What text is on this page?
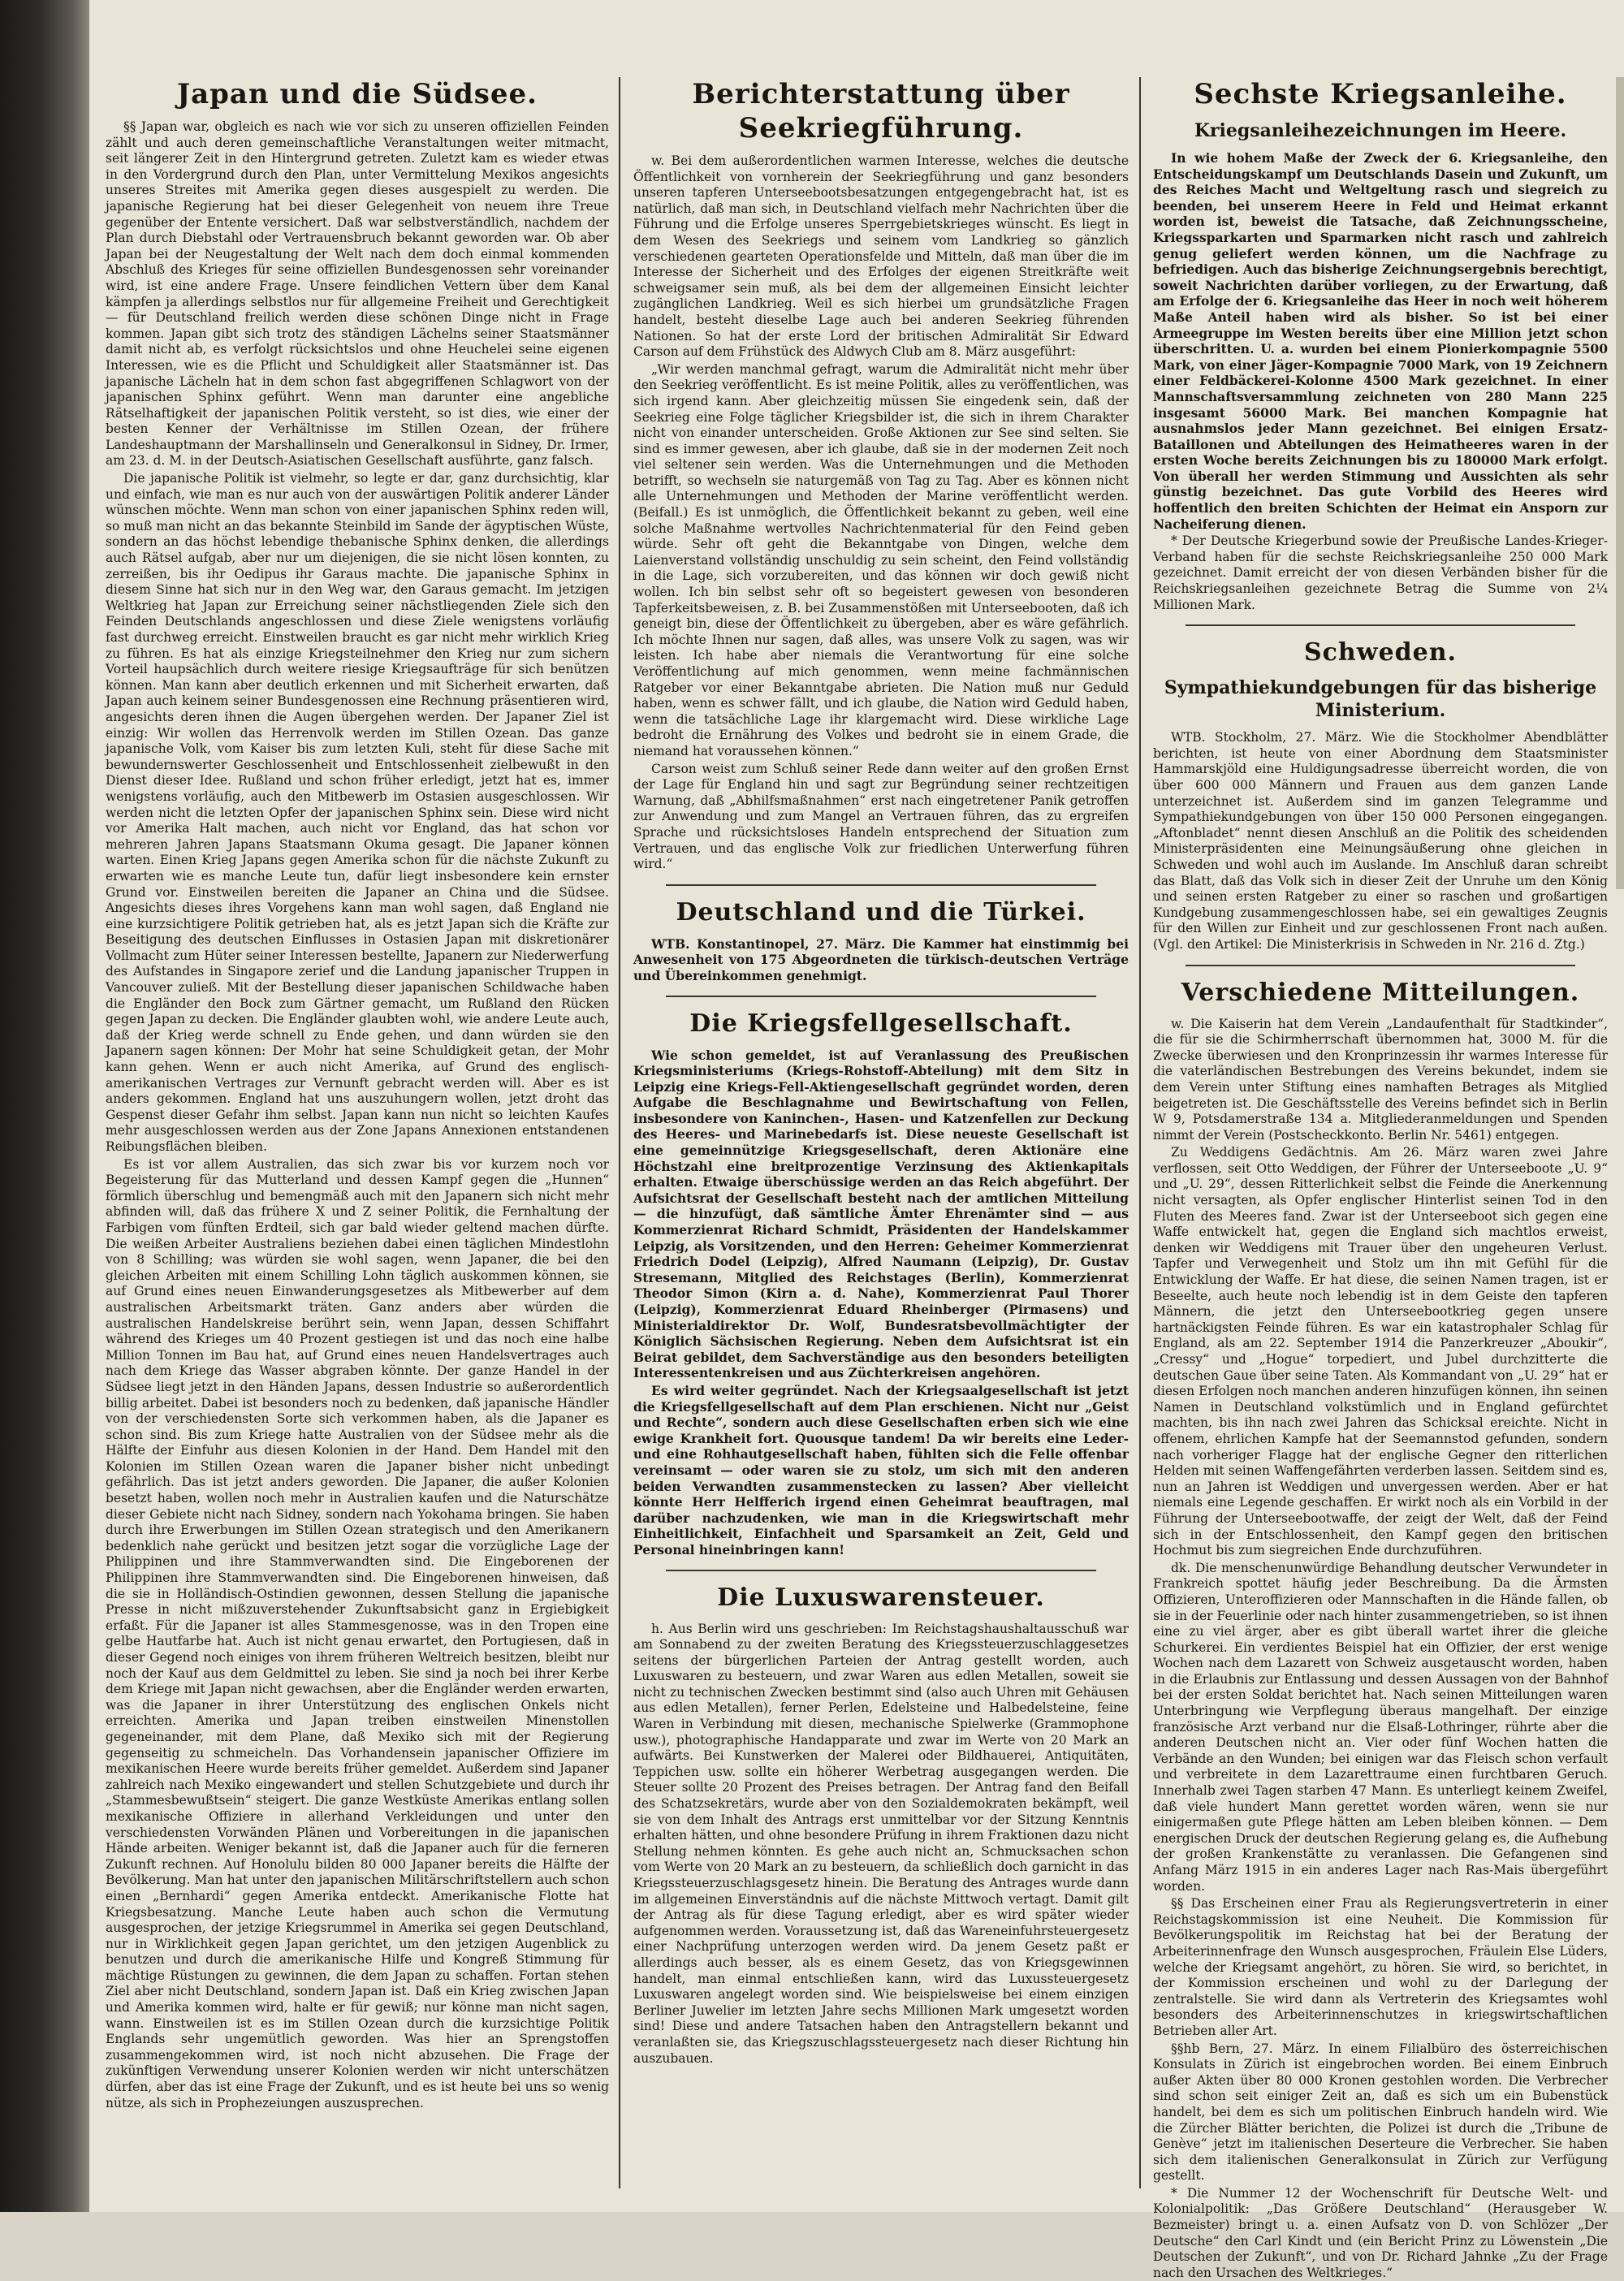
Japan und die Südsee.

§§ Japan war, obgleich es nach wie vor sich zu unseren offiziellen Feinden zählt und auch deren gemeinschaftliche Veranstaltungen weiter mitmacht, seit längerer Zeit in den Hintergrund getreten. Zuletzt kam es wieder etwas in den Vordergrund durch den Plan, unter Vermittelung Mexikos angesichts unseres Streites mit Amerika gegen dieses ausgespielt zu werden. Die japanische Regierung hat bei dieser Gelegenheit von neuem ihre Treue gegenüber der Entente versichert. Daß war selbstverständlich, nachdem der Plan durch Diebstahl oder Vertrauensbruch bekannt geworden war. Ob aber Japan bei der Neugestaltung der Welt nach dem doch einmal kommenden Abschluß des Krieges für seine offiziellen Bundesgenossen sehr voreinander wird, ist eine andere Frage. Unsere feindlichen Vettern über dem Kanal kämpfen ja allerdings selbstlos nur für allgemeine Freiheit und Gerechtigkeit — für Deutschland freilich werden diese schönen Dinge nicht in Frage kommen. Japan gibt sich trotz des ständigen Lächelns seiner Staatsmänner damit nicht ab, es verfolgt rücksichtslos und ohne Heuchelei seine eigenen Interessen, wie es die Pflicht und Schuldigkeit aller Staatsmänner ist. Das japanische Lächeln hat in dem schon fast abgegriffenen Schlagwort von der japanischen Sphinx geführt. Wenn man darunter eine angebliche Rätselhaftigkeit der japanischen Politik versteht, so ist dies, wie einer der besten Kenner der Verhältnisse im Stillen Ozean, der frühere Landeshauptmann der Marshallinseln und Generalkonsul in Sidney, Dr. Irmer, am 23. d. M. in der Deutsch-Asiatischen Gesellschaft ausführte, ganz falsch.

Die japanische Politik ist vielmehr, so legte er dar, ganz durchsichtig, klar und einfach, wie man es nur auch von der auswärtigen Politik anderer Länder wünschen möchte. Wenn man schon von einer japanischen Sphinx reden will, so muß man nicht an das bekannte Steinbild im Sande der ägyptischen Wüste, sondern an das höchst lebendige thebanische Sphinx denken, die allerdings auch Rätsel aufgab, aber nur um diejenigen, die sie nicht lösen konnten, zu zerreißen, bis ihr Oedipus ihr Garaus machte. Die japanische Sphinx in diesem Sinne hat sich nur in den Weg war, den Garaus gemacht. Im jetzigen Weltkrieg hat Japan zur Erreichung seiner nächstliegenden Ziele sich den Feinden Deutschlands angeschlossen und diese Ziele wenigstens vorläufig fast durchweg erreicht. Einstweilen braucht es gar nicht mehr wirklich Krieg zu führen. Es hat als einzige Kriegsteilnehmer den Krieg nur zum sichern Vorteil haupsächlich durch weitere riesige Kriegsaufträge für sich benützen können. Man kann aber deutlich erkennen und mit Sicherheit erwarten, daß Japan auch keinem seiner Bundesgenossen eine Rechnung präsentieren wird, angesichts deren ihnen die Augen übergehen werden. Der Japaner Ziel ist einzig: Wir wollen das Herrenvolk werden im Stillen Ozean. Das ganze japanische Volk, vom Kaiser bis zum letzten Kuli, steht für diese Sache mit bewundernswerter Geschlossenheit und Entschlossenheit zielbewußt in den Dienst dieser Idee. Rußland und schon früher erledigt, jetzt hat es, immer wenigstens vorläufig, auch den Mitbewerb im Ostasien ausgeschlossen. Wir werden nicht die letzten Opfer der japanischen Sphinx sein. Diese wird nicht vor Amerika Halt machen, auch nicht vor England, das hat schon vor mehreren Jahren Japans Staatsmann Okuma gesagt. Die Japaner können warten. Einen Krieg Japans gegen Amerika schon für die nächste Zukunft zu erwarten wie es manche Leute tun, dafür liegt insbesondere kein ernster Grund vor. Einstweilen bereiten die Japaner an China und die Südsee. Angesichts dieses ihres Vorgehens kann man wohl sagen, daß England nie eine kurzsichtigere Politik getrieben hat, als es jetzt Japan sich die Kräfte zur Beseitigung des deutschen Einflusses in Ostasien Japan mit diskretionärer Vollmacht zum Hüter seiner Interessen bestellte, Japanern zur Niederwerfung des Aufstandes in Singapore zerief und die Landung japanischer Truppen in Vancouver zuließ. Mit der Bestellung dieser japanischen Schildwache haben die Engländer den Bock zum Gärtner gemacht, um Rußland den Rücken gegen Japan zu decken. Die Engländer glaubten wohl, wie andere Leute auch, daß der Krieg werde schnell zu Ende gehen, und dann würden sie den Japanern sagen können: Der Mohr hat seine Schuldigkeit getan, der Mohr kann gehen. Wenn er auch nicht Amerika, auf Grund des englisch-amerikanischen Vertrages zur Vernunft gebracht werden will. Aber es ist anders gekommen. England hat uns auszuhungern wollen, jetzt droht das Gespenst dieser Gefahr ihm selbst. Japan kann nun nicht so leichten Kaufes mehr ausgeschlossen werden aus der Zone Japans Annexionen entstandenen Reibungsflächen bleiben.

Es ist vor allem Australien, das sich zwar bis vor kurzem noch vor Begeisterung für das Mutterland und dessen Kampf gegen die „Hunnen“ förmlich überschlug und bemengmäß auch mit den Japanern sich nicht mehr abfinden will, daß das frühere X und Z seiner Politik, die Fernhaltung der Farbigen vom fünften Erdteil, sich gar bald wieder geltend machen dürfte. Die weißen Arbeiter Australiens beziehen dabei einen täglichen Mindestlohn von 8 Schilling; was würden sie wohl sagen, wenn Japaner, die bei den gleichen Arbeiten mit einem Schilling Lohn täglich auskommen können, sie auf Grund eines neuen Einwanderungsgesetzes als Mitbewerber auf dem australischen Arbeitsmarkt träten. Ganz anders aber würden die australischen Handelskreise berührt sein, wenn Japan, dessen Schiffahrt während des Krieges um 40 Prozent gestiegen ist und das noch eine halbe Million Tonnen im Bau hat, auf Grund eines neuen Handelsvertrages auch nach dem Kriege das Wasser abgraben könnte. Der ganze Handel in der Südsee liegt jetzt in den Händen Japans, dessen Industrie so außerordentlich billig arbeitet. Dabei ist besonders noch zu bedenken, daß japanische Händler von der verschiedensten Sorte sich verkommen haben, als die Japaner es schon sind. Bis zum Kriege hatte Australien von der Südsee mehr als die Hälfte der Einfuhr aus diesen Kolonien in der Hand. Dem Handel mit den Kolonien im Stillen Ozean waren die Japaner bisher nicht unbedingt gefährlich. Das ist jetzt anders geworden. Die Japaner, die außer Kolonien besetzt haben, wollen noch mehr in Australien kaufen und die Naturschätze dieser Gebiete nicht nach Sidney, sondern nach Yokohama bringen. Sie haben durch ihre Erwerbungen im Stillen Ozean strategisch und den Amerikanern bedenklich nahe gerückt und besitzen jetzt sogar die vorzügliche Lage der Philippinen und ihre Stammverwandten sind. Die Eingeborenen der Philippinen ihre Stammverwandten sind. Die Eingeborenen hinweisen, daß die sie in Holländisch-Ostindien gewonnen, dessen Stellung die japanische Presse in nicht mißzuverstehender Zukunftsabsicht ganz in Ergiebigkeit erfaßt. Für die Japaner ist alles Stammesgenosse, was in den Tropen eine gelbe Hautfarbe hat. Auch ist nicht genau erwartet, den Portugiesen, daß in dieser Gegend noch einiges von ihrem früheren Weltreich besitzen, bleibt nur noch der Kauf aus dem Geldmittel zu leben. Sie sind ja noch bei ihrer Kerbe dem Kriege mit Japan nicht gewachsen, aber die Engländer werden erwarten, was die Japaner in ihrer Unterstützung des englischen Onkels nicht erreichten. Amerika und Japan treiben einstweilen Minenstollen gegeneinander, mit dem Plane, daß Mexiko sich mit der Regierung gegenseitig zu schmeicheln. Das Vorhandensein japanischer Offiziere im mexikanischen Heere wurde bereits früher gemeldet. Außerdem sind Japaner zahlreich nach Mexiko eingewandert und stellen Schutzgebiete und durch ihr „Stammesbewußtsein“ steigert. Die ganze Westküste Amerikas entlang sollen mexikanische Offiziere in allerhand Verkleidungen und unter den verschiedensten Vorwänden Plänen und Vorbereitungen in die japanischen Hände arbeiten. Weniger bekannt ist, daß die Japaner auch für die ferneren Zukunft rechnen. Auf Honolulu bilden 80 000 Japaner bereits die Hälfte der Bevölkerung. Man hat unter den japanischen Militärschriftstellern auch schon einen „Bernhardi“ gegen Amerika entdeckt. Amerikanische Flotte hat Kriegsbesatzung. Manche Leute haben auch schon die Vermutung ausgesprochen, der jetzige Kriegsrummel in Amerika sei gegen Deutschland, nur in Wirklichkeit gegen Japan gerichtet, um den jetzigen Augenblick zu benutzen und durch die amerikanische Hilfe und Kongreß Stimmung für mächtige Rüstungen zu gewinnen, die dem Japan zu schaffen. Fortan stehen Ziel aber nicht Deutschland, sondern Japan ist. Daß ein Krieg zwischen Japan und Amerika kommen wird, halte er für gewiß; nur könne man nicht sagen, wann. Einstweilen ist es im Stillen Ozean durch die kurzsichtige Politik Englands sehr ungemütlich geworden. Was hier an Sprengstoffen zusammengekommen wird, ist noch nicht abzusehen. Die Frage der zukünftigen Verwendung unserer Kolonien werden wir nicht unterschätzen dürfen, aber das ist eine Frage der Zukunft, und es ist heute bei uns so wenig nütze, als sich in Prophezeiungen auszusprechen.

Berichterstattung über Seekriegführung.

w. Bei dem außerordentlichen warmen Interesse, welches die deutsche Öffentlichkeit von vornherein der Seekriegführung und ganz besonders unseren tapferen Unterseebootsbesatzungen entgegengebracht hat, ist es natürlich, daß man sich, in Deutschland vielfach mehr Nachrichten über die Führung und die Erfolge unseres Sperrgebietskrieges wünscht. Es liegt in dem Wesen des Seekriegs und seinem vom Landkrieg so gänzlich verschiedenen gearteten Operationsfelde und Mitteln, daß man über die im Interesse der Sicherheit und des Erfolges der eigenen Streitkräfte weit schweigsamer sein muß, als bei dem der allgemeinen Einsicht leichter zugänglichen Landkrieg. Weil es sich hierbei um grundsätzliche Fragen handelt, besteht dieselbe Lage auch bei anderen Seekrieg führenden Nationen. So hat der erste Lord der britischen Admiralität Sir Edward Carson auf dem Frühstück des Aldwych Club am 8. März ausgeführt:

„Wir werden manchmal gefragt, warum die Admiralität nicht mehr über den Seekrieg veröffentlicht. Es ist meine Politik, alles zu veröffentlichen, was sich irgend kann. Aber gleichzeitig müssen Sie eingedenk sein, daß der Seekrieg eine Folge täglicher Kriegsbilder ist, die sich in ihrem Charakter nicht von einander unterscheiden. Große Aktionen zur See sind selten. Sie sind es immer gewesen, aber ich glaube, daß sie in der modernen Zeit noch viel seltener sein werden. Was die Unternehmungen und die Methoden betrifft, so wechseln sie naturgemäß von Tag zu Tag. Aber es können nicht alle Unternehmungen und Methoden der Marine veröffentlicht werden. (Beifall.) Es ist unmöglich, die Öffentlichkeit bekannt zu geben, weil eine solche Maßnahme wertvolles Nachrichtenmaterial für den Feind geben würde. Sehr oft geht die Bekanntgabe von Dingen, welche dem Laienverstand vollständig unschuldig zu sein scheint, den Feind vollständig in die Lage, sich vorzubereiten, und das können wir doch gewiß nicht wollen. Ich bin selbst sehr oft so begeistert gewesen von besonderen Tapferkeitsbeweisen, z. B. bei Zusammenstößen mit Unterseebooten, daß ich geneigt bin, diese der Öffentlichkeit zu übergeben, aber es wäre gefährlich. Ich möchte Ihnen nur sagen, daß alles, was unsere Volk zu sagen, was wir leisten. Ich habe aber niemals die Verantwortung für eine solche Veröffentlichung auf mich genommen, wenn meine fachmännischen Ratgeber vor einer Bekanntgabe abrieten. Die Nation muß nur Geduld haben, wenn es schwer fällt, und ich glaube, die Nation wird Geduld haben, wenn die tatsächliche Lage ihr klargemacht wird. Diese wirkliche Lage bedroht die Ernährung des Volkes und bedroht sie in einem Grade, die niemand hat voraussehen können.“

Carson weist zum Schluß seiner Rede dann weiter auf den großen Ernst der Lage für England hin und sagt zur Begründung seiner rechtzeitigen Warnung, daß „Abhilfsmaßnahmen“ erst nach eingetretener Panik getroffen zur Anwendung und zum Mangel an Vertrauen führen, das zu ergreifen Sprache und rücksichtsloses Handeln entsprechend der Situation zum Vertrauen, und das englische Volk zur friedlichen Unterwerfung führen wird.“

Deutschland und die Türkei.

WTB. Konstantinopel, 27. März. Die Kammer hat einstimmig bei Anwesenheit von 175 Abgeordneten die türkisch-deutschen Verträge und Übereinkommen genehmigt.

Die Kriegsfellgesellschaft.

Wie schon gemeldet, ist auf Veranlassung des Preußischen Kriegsministeriums (Kriegs-Rohstoff-Abteilung) mit dem Sitz in Leipzig eine Kriegs-Fell-Aktiengesellschaft gegründet worden, deren Aufgabe die Beschlagnahme und Bewirtschaftung von Fellen, insbesondere von Kaninchen-, Hasen- und Katzenfellen zur Deckung des Heeres- und Marinebedarfs ist. Diese neueste Gesellschaft ist eine gemeinnützige Kriegsgesellschaft, deren Aktionäre eine Höchstzahl eine breitprozentige Verzinsung des Aktienkapitals erhalten. Etwaige überschüssige werden an das Reich abgeführt. Der Aufsichtsrat der Gesellschaft besteht nach der amtlichen Mitteilung — die hinzufügt, daß sämtliche Ämter Ehrenämter sind — aus Kommerzienrat Richard Schmidt, Präsidenten der Handelskammer Leipzig, als Vorsitzenden, und den Herren: Geheimer Kommerzienrat Friedrich Dodel (Leipzig), Alfred Naumann (Leipzig), Dr. Gustav Stresemann, Mitglied des Reichstages (Berlin), Kommerzienrat Theodor Simon (Kirn a. d. Nahe), Kommerzienrat Paul Thorer (Leipzig), Kommerzienrat Eduard Rheinberger (Pirmasens) und Ministerialdirektor Dr. Wolf, Bundesratsbevollmächtigter der Königlich Sächsischen Regierung. Neben dem Aufsichtsrat ist ein Beirat gebildet, dem Sachverständige aus den besonders beteiligten Interessentenkreisen und aus Züchterkreisen angehören.

Es wird weiter gegründet. Nach der Kriegsaalgesellschaft ist jetzt die Kriegsfellgesellschaft auf dem Plan erschienen. Nicht nur „Geist und Rechte“, sondern auch diese Gesellschaften erben sich wie eine ewige Krankheit fort. Quousque tandem! Da wir bereits eine Leder- und eine Rohhautgesellschaft haben, fühlten sich die Felle offenbar vereinsamt — oder waren sie zu stolz, um sich mit den anderen beiden Verwandten zusammenstecken zu lassen? Aber vielleicht könnte Herr Helfferich irgend einen Geheimrat beauftragen, mal darüber nachzudenken, wie man in die Kriegswirtschaft mehr Einheitlichkeit, Einfachheit und Sparsamkeit an Zeit, Geld und Personal hineinbringen kann!

Die Luxuswarensteuer.

h. Aus Berlin wird uns geschrieben: Im Reichstagshaushaltausschuß war am Sonnabend zu der zweiten Beratung des Kriegssteuerzuschlaggesetzes seitens der bürgerlichen Parteien der Antrag gestellt worden, auch Luxuswaren zu besteuern, und zwar Waren aus edlen Metallen, soweit sie nicht zu technischen Zwecken bestimmt sind (also auch Uhren mit Gehäusen aus edlen Metallen), ferner Perlen, Edelsteine und Halbedelsteine, feine Waren in Verbindung mit diesen, mechanische Spielwerke (Grammophone usw.), photographische Handapparate und zwar im Werte von 20 Mark an aufwärts. Bei Kunstwerken der Malerei oder Bildhauerei, Antiquitäten, Teppichen usw. sollte ein höherer Werbetrag ausgegangen werden. Die Steuer sollte 20 Prozent des Preises betragen. Der Antrag fand den Beifall des Schatzsekretärs, wurde aber von den Sozialdemokraten bekämpft, weil sie von dem Inhalt des Antrags erst unmittelbar vor der Sitzung Kenntnis erhalten hätten, und ohne besondere Prüfung in ihrem Fraktionen dazu nicht Stellung nehmen könnten. Es gehe auch nicht an, Schmucksachen schon vom Werte von 20 Mark an zu besteuern, da schließlich doch garnicht in das Kriegssteuerzuschlagsgesetz hinein. Die Beratung des Antrages wurde dann im allgemeinen Einverständnis auf die nächste Mittwoch vertagt. Damit gilt der Antrag als für diese Tagung erledigt, aber es wird später wieder aufgenommen werden. Voraussetzung ist, daß das Wareneinfuhrsteuergesetz einer Nachprüfung unterzogen werden wird. Da jenem Gesetz paßt er allerdings auch besser, als es einem Gesetz, das von Kriegsgewinnen handelt, man einmal entschließen kann, wird das Luxussteuergesetz Luxuswaren angelegt worden sind. Wie beispielsweise bei einem einzigen Berliner Juwelier im letzten Jahre sechs Millionen Mark umgesetzt worden sind! Diese und andere Tatsachen haben den Antragstellern bekannt und veranlaßten sie, das Kriegszuschlagssteuergesetz nach dieser Richtung hin auszubauen.

Sechste Kriegsanleihe.
Kriegsanleihezeichnungen im Heere.

In wie hohem Maße der Zweck der 6. Kriegsanleihe, den Entscheidungskampf um Deutschlands Dasein und Zukunft, um des Reiches Macht und Weltgeltung rasch und siegreich zu beenden, bei unserem Heere in Feld und Heimat erkannt worden ist, beweist die Tatsache, daß Zeichnungsscheine, Kriegssparkarten und Sparmarken nicht rasch und zahlreich genug geliefert werden können, um die Nachfrage zu befriedigen. Auch das bisherige Zeichnungsergebnis berechtigt, soweit Nachrichten darüber vorliegen, zu der Erwartung, daß am Erfolge der 6. Kriegsanleihe das Heer in noch weit höherem Maße Anteil haben wird als bisher. So ist bei einer Armeegruppe im Westen bereits über eine Million jetzt schon überschritten. U. a. wurden bei einem Pionierkompagnie 5500 Mark, von einer Jäger-Kompagnie 7000 Mark, von 19 Zeichnern einer Feldbäckerei-Kolonne 4500 Mark gezeichnet. In einer Mannschaftsversammlung zeichneten von 280 Mann 225 insgesamt 56000 Mark. Bei manchen Kompagnie hat ausnahmslos jeder Mann gezeichnet. Bei einigen Ersatz-Bataillonen und Abteilungen des Heimatheeres waren in der ersten Woche bereits Zeichnungen bis zu 180000 Mark erfolgt. Von überall her werden Stimmung und Aussichten als sehr günstig bezeichnet. Das gute Vorbild des Heeres wird hoffentlich den breiten Schichten der Heimat ein Ansporn zur Nacheiferung dienen.

* Der Deutsche Kriegerbund sowie der Preußische Landes-Krieger-Verband haben für die sechste Reichskriegsanleihe 250 000 Mark gezeichnet. Damit erreicht der von diesen Verbänden bisher für die Reichskriegsanleihen gezeichnete Betrag die Summe von 2¼ Millionen Mark.

Schweden.
Sympathiekundgebungen für das bisherige Ministerium.

WTB. Stockholm, 27. März. Wie die Stockholmer Abendblätter berichten, ist heute von einer Abordnung dem Staatsminister Hammarskjöld eine Huldigungsadresse überreicht worden, die von über 600 000 Männern und Frauen aus dem ganzen Lande unterzeichnet ist. Außerdem sind im ganzen Telegramme und Sympathiekundgebungen von über 150 000 Personen eingegangen. „Aftonbladet“ nennt diesen Anschluß an die Politik des scheidenden Ministerpräsidenten eine Meinungsäußerung ohne gleichen in Schweden und wohl auch im Auslande. Im Anschluß daran schreibt das Blatt, daß das Volk sich in dieser Zeit der Unruhe um den König und seinen ersten Ratgeber zu einer so raschen und großartigen Kundgebung zusammengeschlossen habe, sei ein gewaltiges Zeugnis für den Willen zur Einheit und zur geschlossenen Front nach außen. (Vgl. den Artikel: Die Ministerkrisis in Schweden in Nr. 216 d. Ztg.)

Verschiedene Mitteilungen.

w. Die Kaiserin hat dem Verein „Landaufenthalt für Stadtkinder“, die für sie die Schirmherrschaft übernommen hat, 3000 M. für die Zwecke überwiesen und den Kronprinzessin ihr warmes Interesse für die vaterländischen Bestrebungen des Vereins bekundet, indem sie dem Verein unter Stiftung eines namhaften Betrages als Mitglied beigetreten ist. Die Geschäftsstelle des Vereins befindet sich in Berlin W 9, Potsdamerstraße 134 a. Mitgliederanmeldungen und Spenden nimmt der Verein (Postscheckkonto. Berlin Nr. 5461) entgegen.

Zu Weddigens Gedächtnis. Am 26. März waren zwei Jahre verflossen, seit Otto Weddigen, der Führer der Unterseeboote „U. 9“ und „U. 29“, dessen Ritterlichkeit selbst die Feinde die Anerkennung nicht versagten, als Opfer englischer Hinterlist seinen Tod in den Fluten des Meeres fand. Zwar ist der Unterseeboot sich gegen eine Waffe entwickelt hat, gegen die England sich machtlos erweist, denken wir Weddigens mit Trauer über den ungeheuren Verlust. Tapfer und Verwegenheit und Stolz um ihn mit Gefühl für die Entwicklung der Waffe. Er hat diese, die seinen Namen tragen, ist er Beseelte, auch heute noch lebendig ist in dem Geiste den tapferen Männern, die jetzt den Unterseebootkrieg gegen unsere hartnäckigsten Feinde führen. Es war ein katastrophaler Schlag für England, als am 22. September 1914 die Panzerkreuzer „Aboukir“, „Cressy“ und „Hogue“ torpediert, und Jubel durchzitterte die deutschen Gaue über seine Taten. Als Kommandant von „U. 29“ hat er diesen Erfolgen noch manchen anderen hinzufügen können, ihn seinen Namen in Deutschland volkstümlich und in England gefürchtet machten, bis ihn nach zwei Jahren das Schicksal ereichte. Nicht in offenem, ehrlichen Kampfe hat der Seemannstod gefunden, sondern nach vorheriger Flagge hat der englische Gegner den ritterlichen Helden mit seinen Waffengefährten verderben lassen. Seitdem sind es, nun an Jahren ist Weddigen und unvergessen werden. Aber er hat niemals eine Legende geschaffen. Er wirkt noch als ein Vorbild in der Führung der Unterseebootwaffe, der zeigt der Welt, daß der Feind sich in der Entschlossenheit, den Kampf gegen den britischen Hochmut bis zum siegreichen Ende durchzuführen.

dk. Die menschenunwürdige Behandlung deutscher Verwundeter in Frankreich spottet häufig jeder Beschreibung. Da die Ärmsten Offizieren, Unteroffizieren oder Mannschaften in die Hände fallen, ob sie in der Feuerlinie oder nach hinter zusammengetrieben, so ist ihnen eine zu viel ärger, aber es gibt überall wartet ihrer die gleiche Schurkerei. Ein verdientes Beispiel hat ein Offizier, der erst wenige Wochen nach dem Lazarett von Schweiz ausgetauscht worden, haben in die Erlaubnis zur Entlassung und dessen Aussagen von der Bahnhof bei der ersten Soldat berichtet hat. Nach seinen Mitteilungen waren Unterbringung wie Verpflegung überaus mangelhaft. Der einzige französische Arzt verband nur die Elsaß-Lothringer, rührte aber die anderen Deutschen nicht an. Vier oder fünf Wochen hatten die Verbände an den Wunden; bei einigen war das Fleisch schon verfault und verbreitete in dem Lazarettraume einen furchtbaren Geruch. Innerhalb zwei Tagen starben 47 Mann. Es unterliegt keinem Zweifel, daß viele hundert Mann gerettet worden wären, wenn sie nur einigermaßen gute Pflege hätten am Leben bleiben können. — Dem energischen Druck der deutschen Regierung gelang es, die Aufhebung der großen Krankenstätte zu veranlassen. Die Gefangenen sind Anfang März 1915 in ein anderes Lager nach Ras-Mais übergeführt worden.

§§ Das Erscheinen einer Frau als Regierungsvertreterin in einer Reichstagskommission ist eine Neuheit. Die Kommission für Bevölkerungspolitik im Reichstag hat bei der Beratung der Arbeiterinnenfrage den Wunsch ausgesprochen, Fräulein Else Lüders, welche der Kriegsamt angehört, zu hören. Sie wird, so berichtet, in der Kommission erscheinen und wohl zu der Darlegung der zentralstelle. Sie wird dann als Vertreterin des Kriegsamtes wohl besonders des Arbeiterinnenschutzes in kriegswirtschaftlichen Betrieben aller Art.

§§hb Bern, 27. März. In einem Filialbüro des österreichischen Konsulats in Zürich ist eingebrochen worden. Bei einem Einbruch außer Akten über 80 000 Kronen gestohlen worden. Die Verbrecher sind schon seit einiger Zeit an, daß es sich um ein Bubenstück handelt, bei dem es sich um politischen Einbruch handeln wird. Wie die Zürcher Blätter berichten, die Polizei ist durch die „Tribune de Genève“ jetzt im italienischen Deserteure die Verbrecher. Sie haben sich dem italienischen Generalkonsulat in Zürich zur Verfügung gestellt.

* Die Nummer 12 der Wochenschrift für Deutsche Welt- und Kolonialpolitik: „Das Größere Deutschland“ (Herausgeber W. Bezmeister) bringt u. a. einen Aufsatz von D. von Schlözer „Der Deutsche“ den Carl Kindt und (ein Bericht Prinz zu Löwenstein „Die Deutschen der Zukunft“, und von Dr. Richard Jahnke „Zu der Frage nach den Ursachen des Weltkrieges.“
